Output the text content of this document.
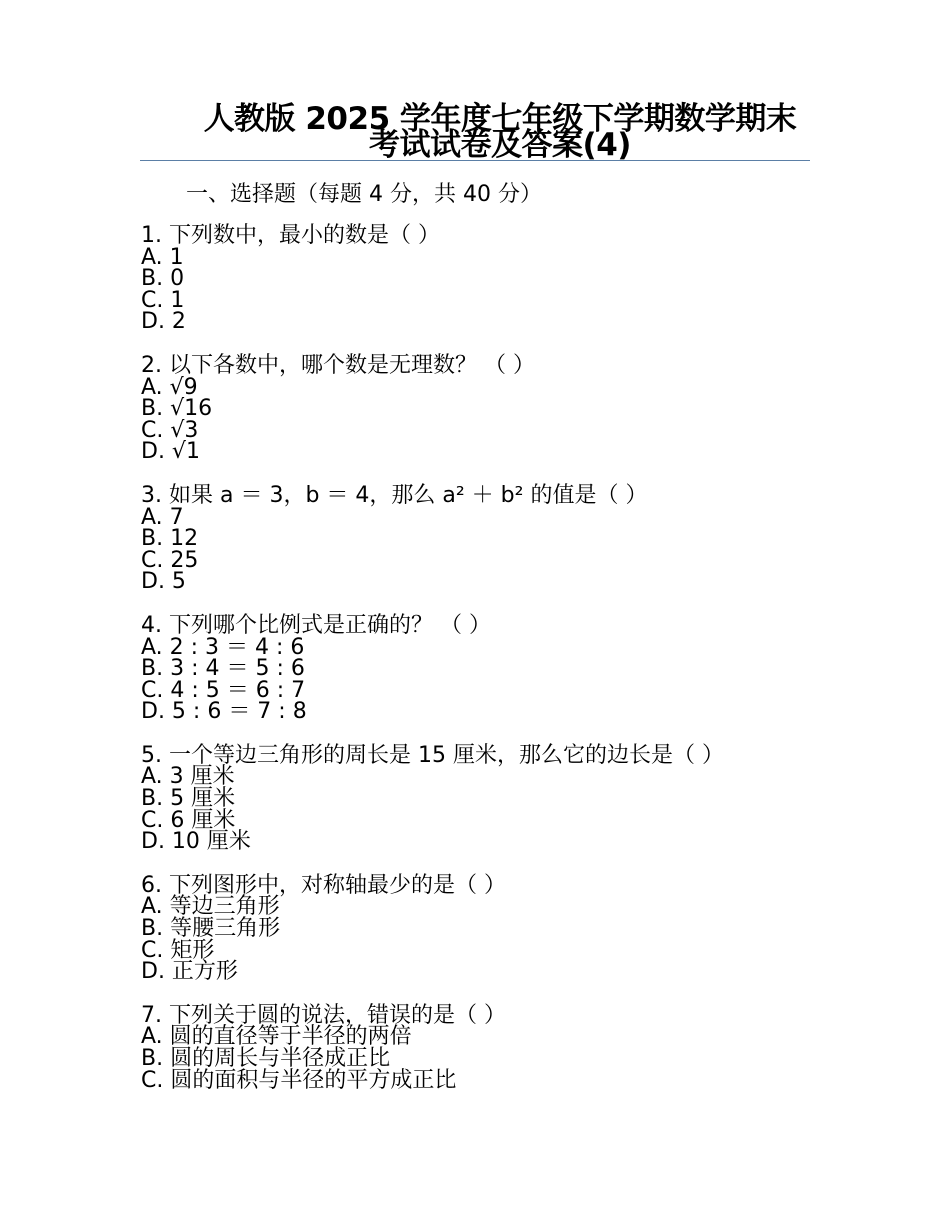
人教版 2025 学年度七年级下学期数学期末考试试卷及答案(4)
一、选择题（每题 4 分，共 40 分）
1. 下列数中，最小的数是（ ）
A. 1
B. 0
C. 1
D. 2
2. 以下各数中，哪个数是无理数？ （ ）
A. √9
B. √16
C. √3
D. √1
3. 如果 a ＝ 3，b ＝ 4，那么 a² ＋ b² 的值是（ ）
A. 7
B. 12
C. 25
D. 5
4. 下列哪个比例式是正确的？ （ ）
A. 2 : 3 ＝ 4 : 6
B. 3 : 4 ＝ 5 : 6
C. 4 : 5 ＝ 6 : 7
D. 5 : 6 ＝ 7 : 8
5. 一个等边三角形的周长是 15 厘米，那么它的边长是（ ）
A. 3 厘米
B. 5 厘米
C. 6 厘米
D. 10 厘米
6. 下列图形中，对称轴最少的是（ ）
A. 等边三角形
B. 等腰三角形
C. 矩形
D. 正方形
7. 下列关于圆的说法，错误的是（ ）
A. 圆的直径等于半径的两倍
B. 圆的周长与半径成正比
C. 圆的面积与半径的平方成正比
